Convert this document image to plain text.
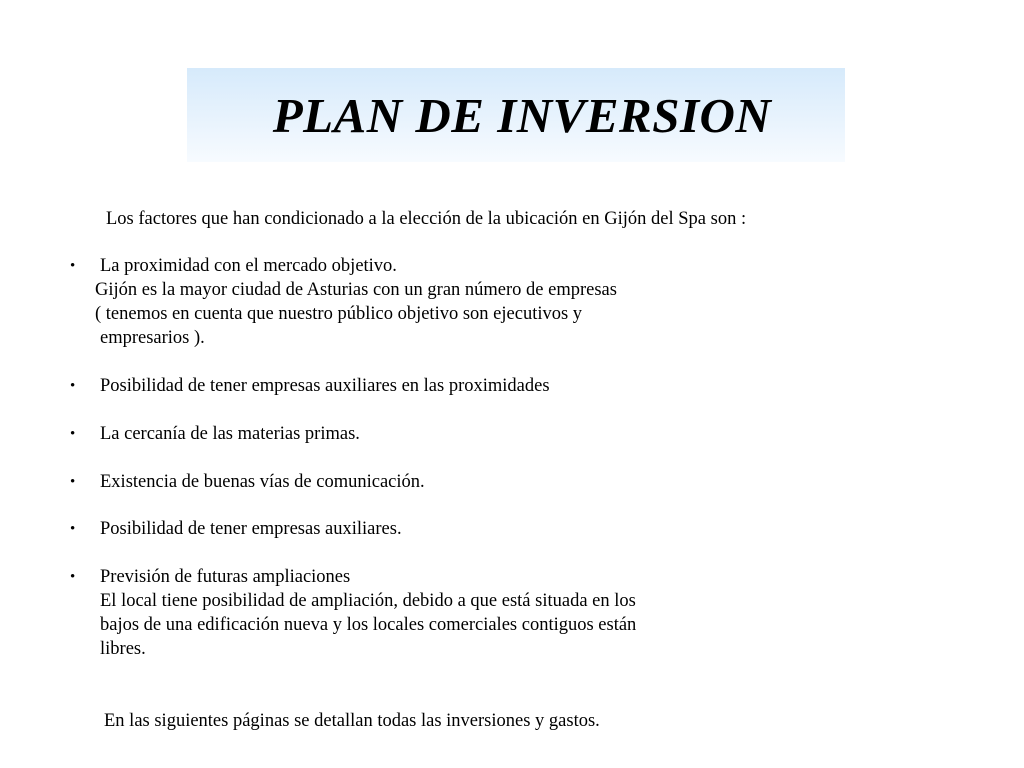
PLAN DE INVERSION
Los factores que han condicionado a la elección de la ubicación en Gijón del Spa son :
• La proximidad con el mercado objetivo.
Gijón es la mayor ciudad de Asturias con un gran número de empresas
( tenemos en cuenta que nuestro público objetivo son ejecutivos y
empresarios ).
• Posibilidad de tener empresas auxiliares en las proximidades
• La cercanía de las materias primas.
• Existencia de buenas vías de comunicación.
• Posibilidad de tener empresas auxiliares.
• Previsión de futuras ampliaciones
El local tiene posibilidad de ampliación, debido a que está situada en los
bajos de una edificación nueva y los locales comerciales contiguos están
libres.
En las siguientes páginas se detallan todas las inversiones y gastos.
